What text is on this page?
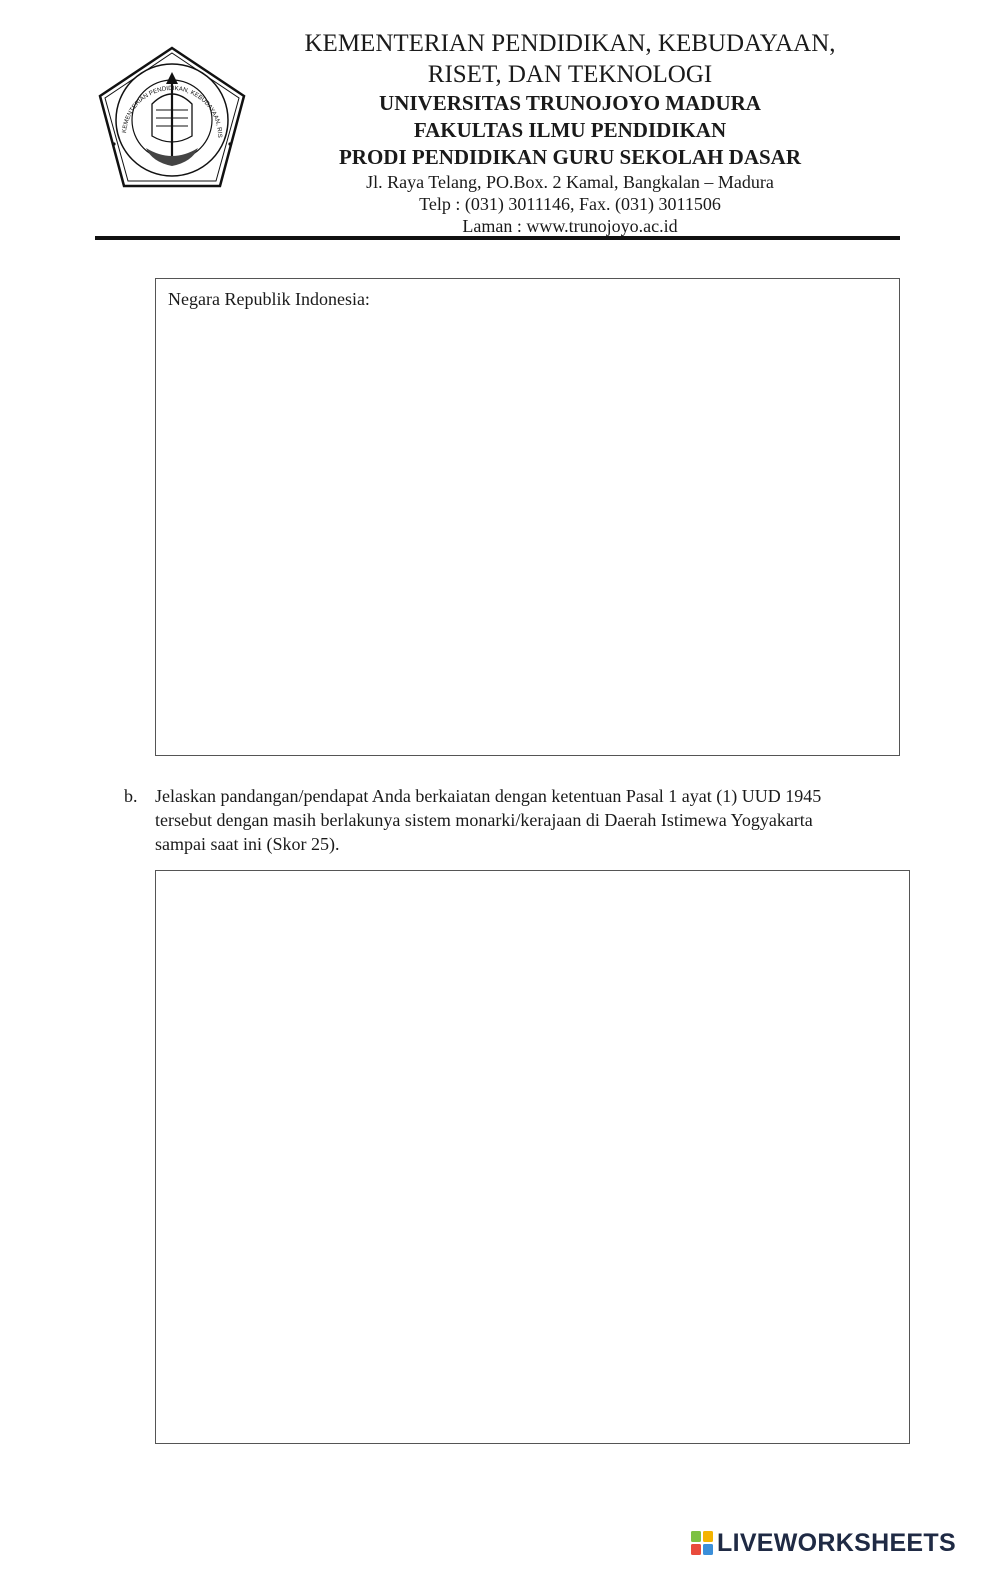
KEMENTERIAN PENDIDIKAN, KEBUDAYAAN, RIS
KEMENTERIAN PENDIDIKAN, KEBUDAYAAN,
RISET, DAN TEKNOLOGI
UNIVERSITAS TRUNOJOYO MADURA
FAKULTAS ILMU PENDIDIKAN
PRODI PENDIDIKAN GURU SEKOLAH DASAR
Jl. Raya Telang, PO.Box. 2 Kamal, Bangkalan – Madura
Telp : (031) 3011146, Fax. (031) 3011506
Laman : www.trunojoyo.ac.id
Negara Republik Indonesia:
b. Jelaskan pandangan/pendapat Anda berkaiatan dengan ketentuan Pasal 1 ayat (1) UUD 1945
tersebut dengan masih berlakunya sistem monarki/kerajaan di Daerah Istimewa Yogyakarta
sampai saat ini (Skor 25).
LIVEWORKSHEETS
